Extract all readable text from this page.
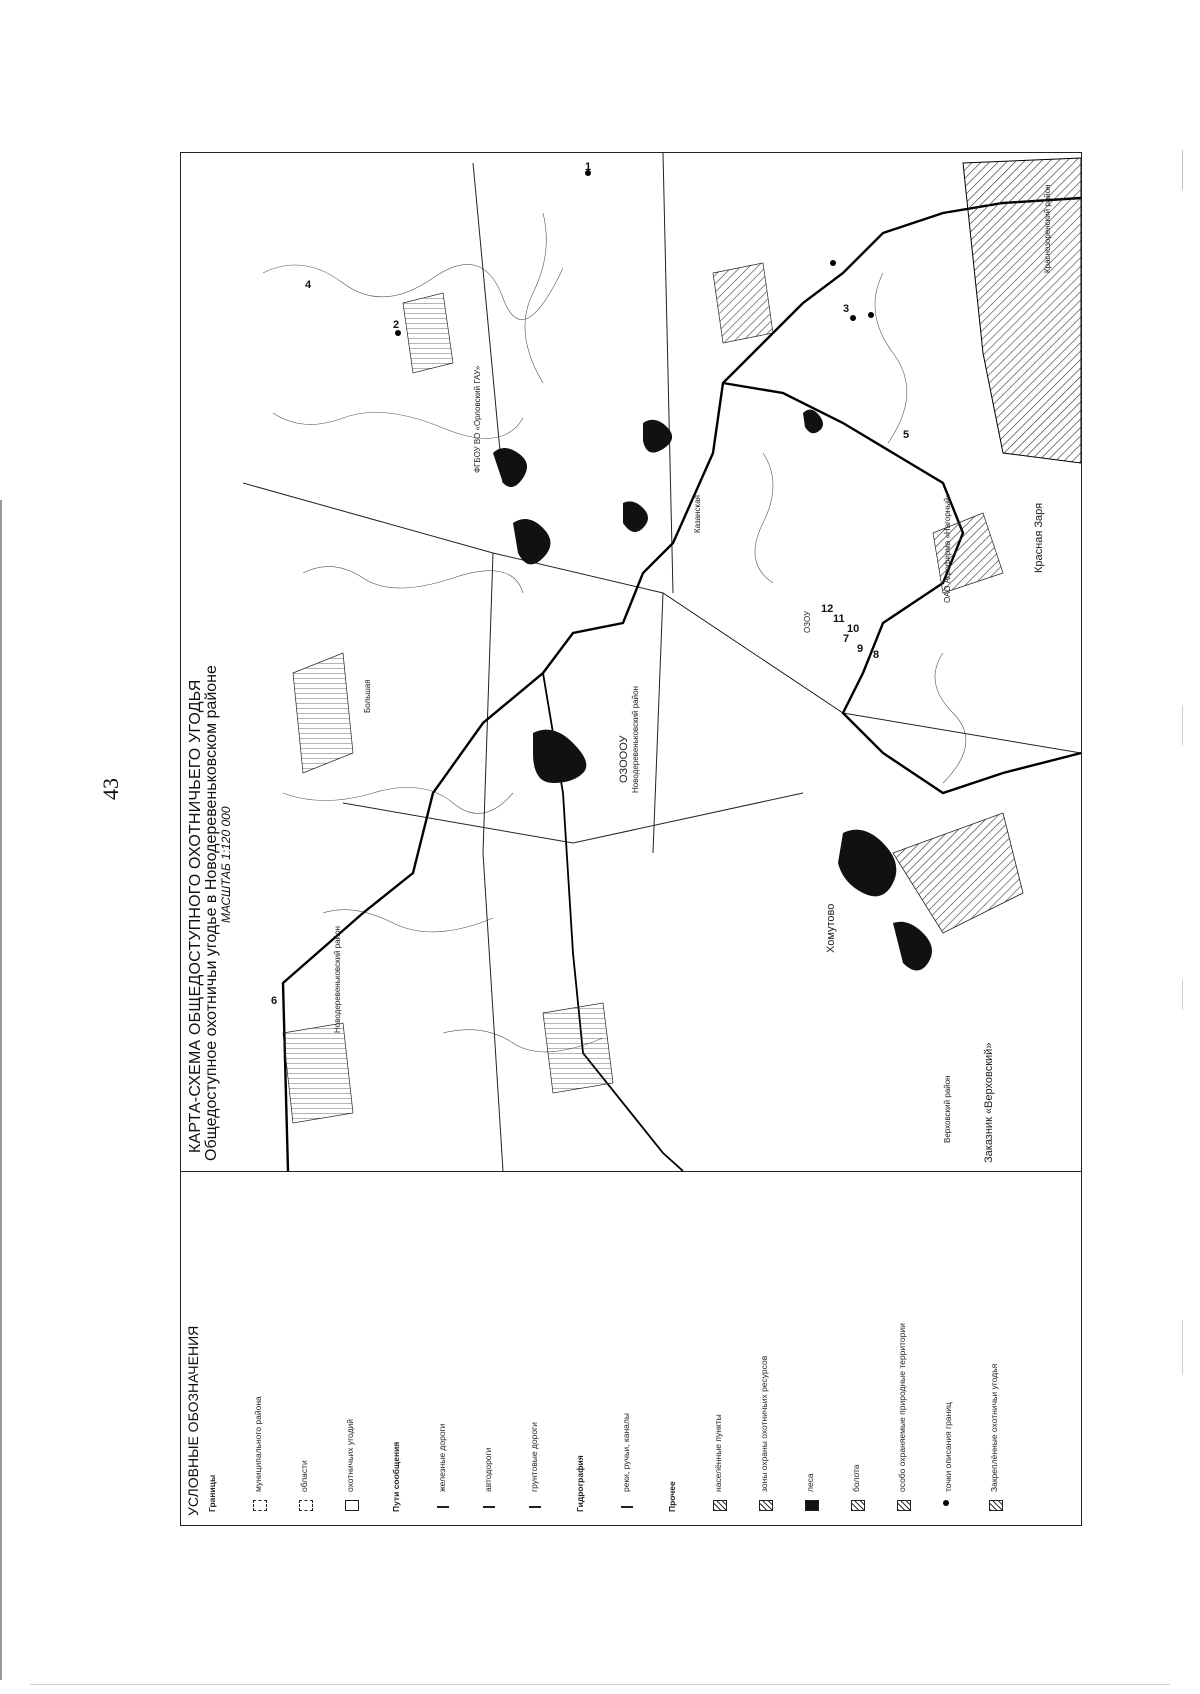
43	КАРТА-СХЕМА ОБЩЕДОСТУПНОГО ОХОТНИЧЬЕГО УГОДЬЯ Общедоступное охотничьи угодье в Новодеревеньковском районе МАСШТАБ 1:120 000
ФГБОУ ВО «Орловский ГАУ»
ОЗОООУ Новодеревеньковский район
Красная Заря
Заказник «Верховский»
Хомутово
ОАО Агрофирма «Нагорный»
Новодеревеньковский район
Верховский район
Краснозоренский район
ОЗОУ
Казанская
Большая
1
2
3
4
5
6
7
8
9
10
11
12
УСЛОВНЫЕ ОБОЗНАЧЕНИЯ Границы
муниципального района	области	охотничьих угодий	Пути сообщения	железные дороги	автодороги	грунтовые дороги	Гидрография	реки, ручьи, каналы
Прочее
населённые пункты	зоны охраны охотничьих ресурсов	леса	болота	особо охраняемые природные территории	точки описания границ	Закреплённые охотничьи угодья
